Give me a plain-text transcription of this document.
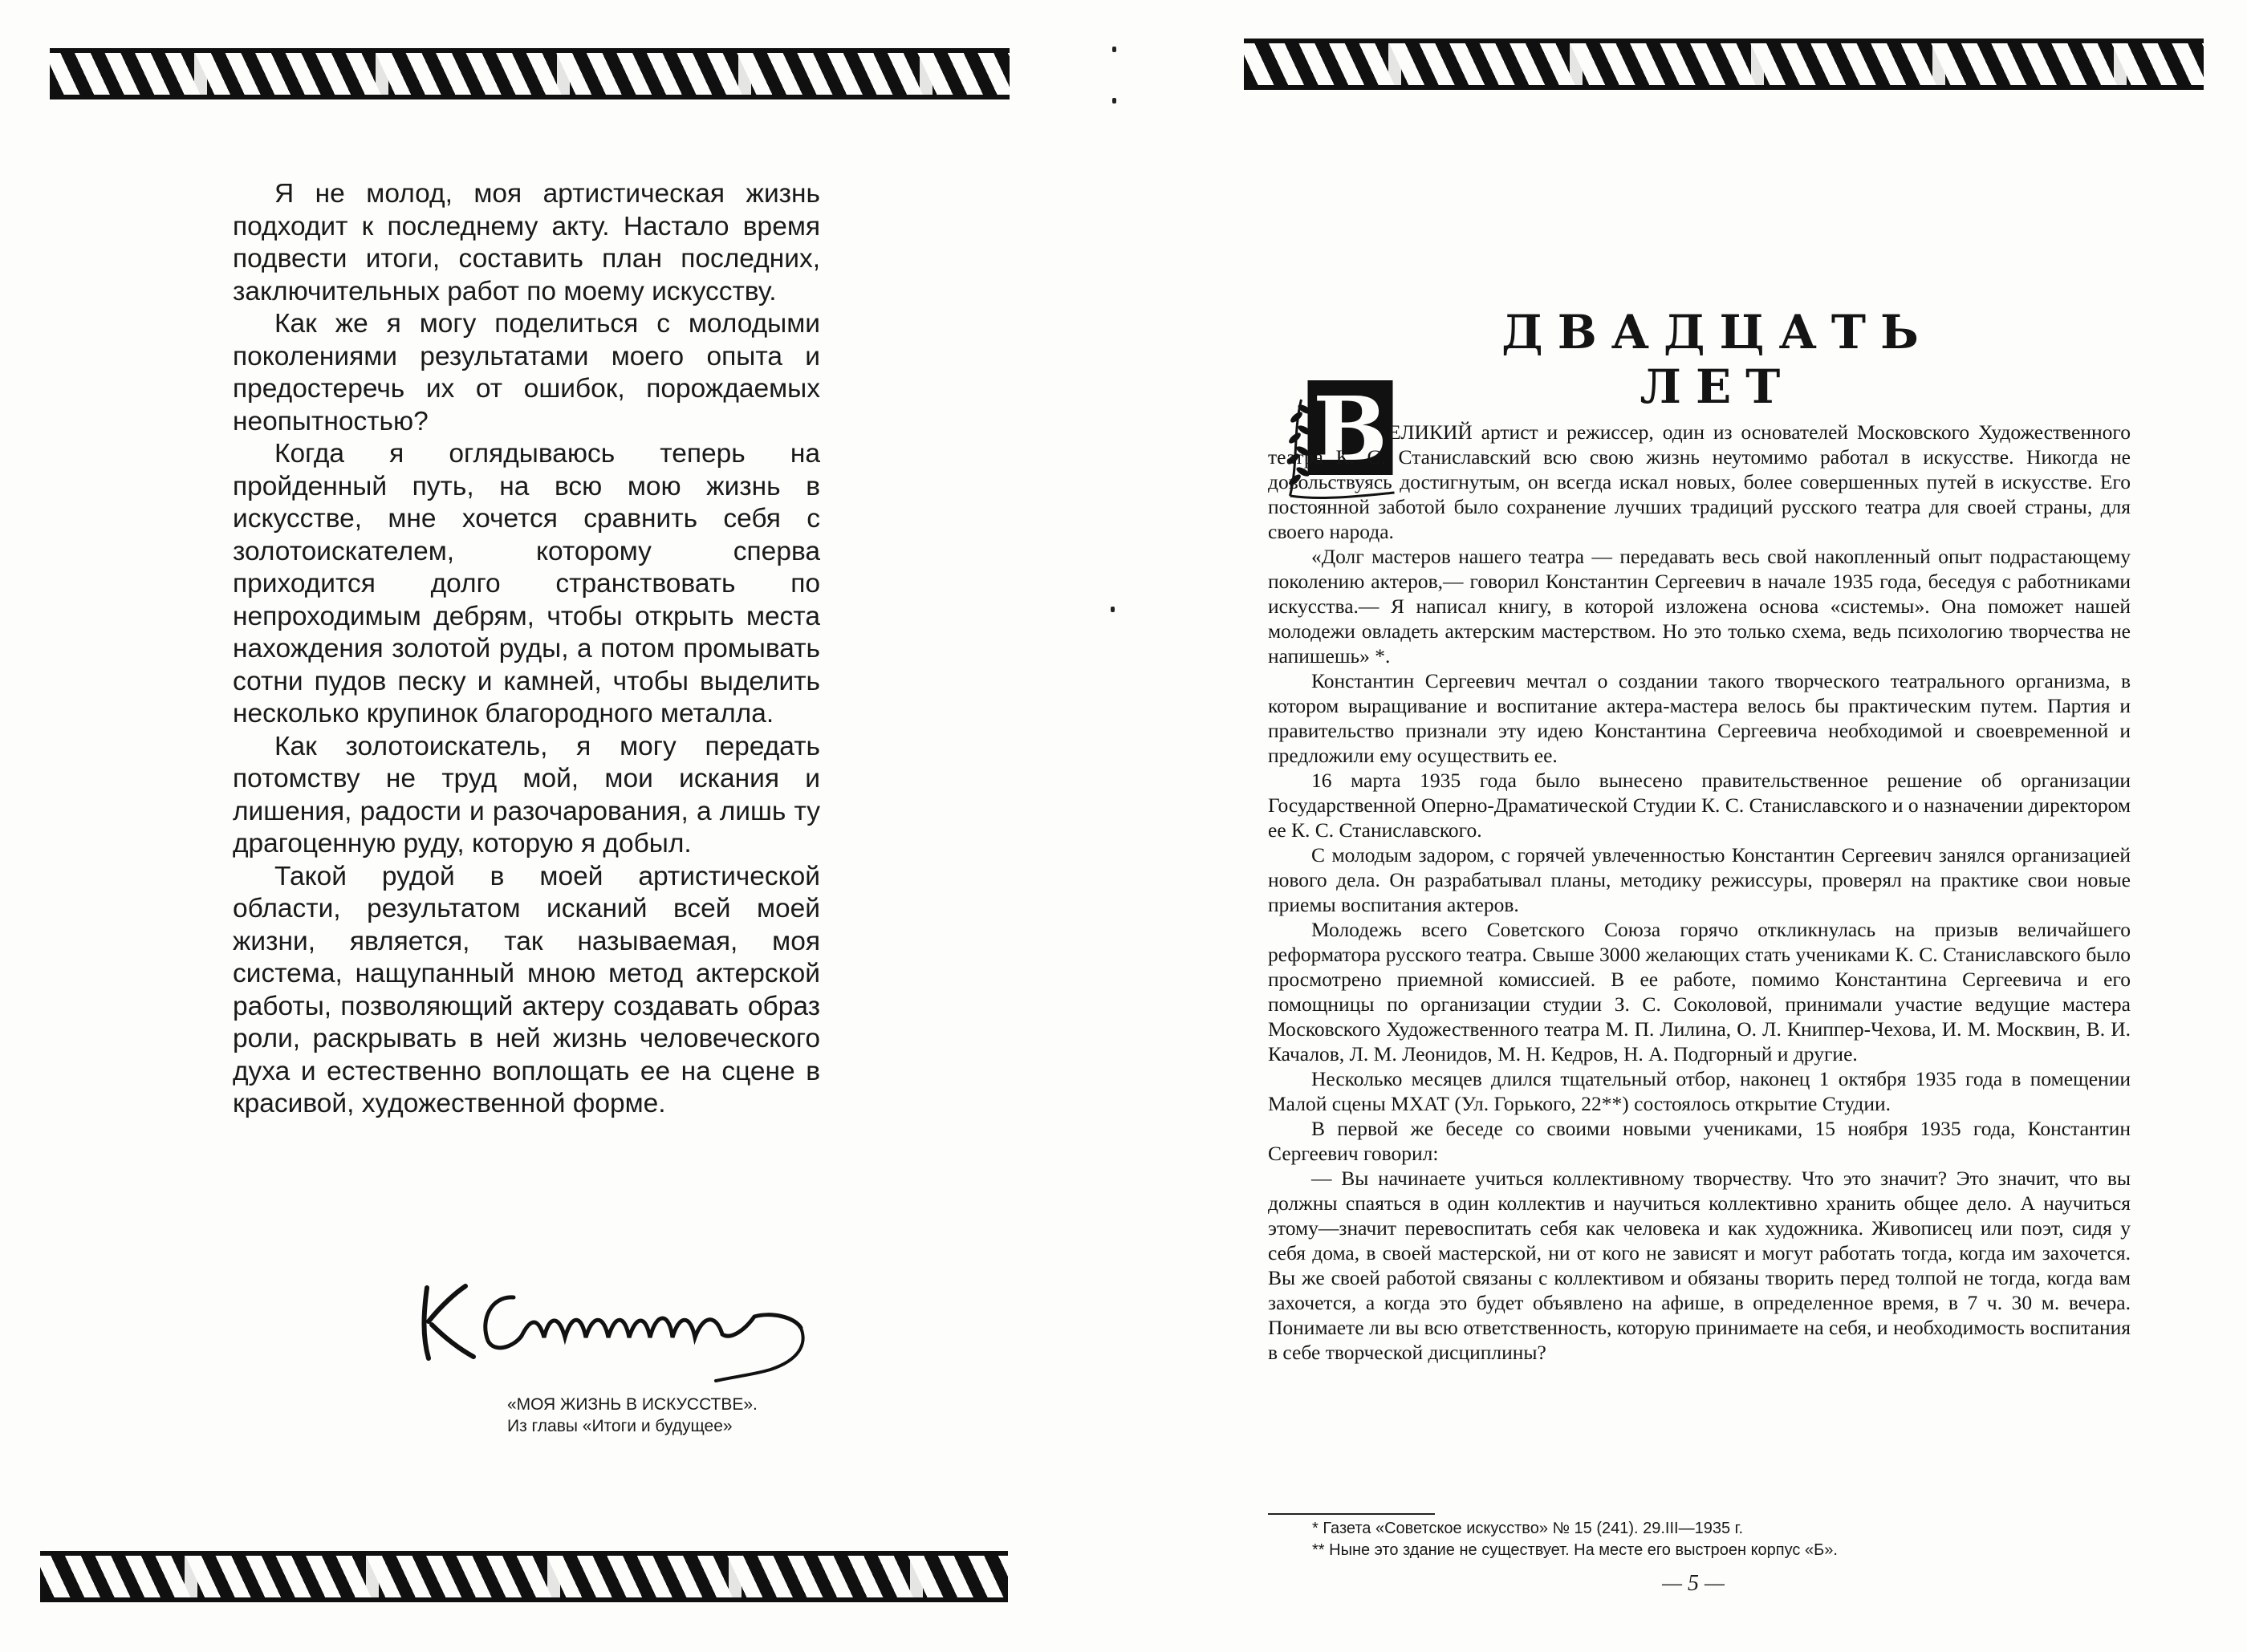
Я не молод, моя артистическая жизнь подходит к последнему акту. Настало время подвести итоги, составить план последних, заключительных работ по моему искусству.

Как же я могу поделиться с молодыми поколениями результатами моего опыта и предостеречь их от ошибок, порождаемых неопытностью?

Когда я оглядываюсь теперь на пройденный путь, на всю мою жизнь в искусстве, мне хочется сравнить себя с золотоискателем, которому сперва приходится долго странствовать по непроходимым дебрям, чтобы открыть места нахождения золотой руды, а потом промывать сотни пудов песку и камней, чтобы выделить несколько крупинок благородного металла.

Как золотоискатель, я могу передать потомству не труд мой, мои искания и лишения, радости и разочарования, а лишь ту драгоценную руду, которую я добыл.

Такой рудой в моей артистической области, результатом исканий всей моей жизни, является, так называемая, моя система, нащупанный мною метод актерской работы, позволяющий актеру создавать образ роли, раскрывать в ней жизнь человеческого духа и естественно воплощать ее на сцене в красивой, художественной форме.

«МОЯ ЖИЗНЬ В ИСКУССТВЕ».
Из главы «Итоги и будущее»
ДВАДЦАТЬ ЛЕТ
В ЕЛИКИЙ артист и режиссер, один из основателей Московского Художественного театра К. С. Станиславский всю свою жизнь неутомимо работал в искусстве. Никогда не довольствуясь достигнутым, он всегда искал новых, более совершенных путей в искусстве. Его постоянной заботой было сохранение лучших традиций русского театра для своей страны, для своего народа.

«Долг мастеров нашего театра — передавать весь свой накопленный опыт подрастающему поколению актеров,— говорил Константин Сергеевич в начале 1935 года, беседуя с работниками искусства.— Я написал книгу, в которой изложена основа «системы». Она поможет нашей молодежи овладеть актерским мастерством. Но это только схема, ведь психологию творчества не напишешь» *.

Константин Сергеевич мечтал о создании такого творческого театрального организма, в котором выращивание и воспитание актера-мастера велось бы практическим путем. Партия и правительство признали эту идею Константина Сергеевича необходимой и своевременной и предложили ему осуществить ее.

16 марта 1935 года было вынесено правительственное решение об организации Государственной Оперно-Драматической Студии К. С. Станиславского и о назначении директором ее К. С. Станиславского.

С молодым задором, с горячей увлеченностью Константин Сергеевич занялся организацией нового дела. Он разрабатывал планы, методику режиссуры, проверял на практике свои новые приемы воспитания актеров.

Молодежь всего Советского Союза горячо откликнулась на призыв величайшего реформатора русского театра. Свыше 3000 желающих стать учениками К. С. Станиславского было просмотрено приемной комиссией. В ее работе, помимо Константина Сергеевича и его помощницы по организации студии З. С. Соколовой, принимали участие ведущие мастера Московского Художественного театра М. П. Лилина, О. Л. Книппер-Чехова, И. М. Москвин, В. И. Качалов, Л. М. Леонидов, М. Н. Кедров, Н. А. Подгорный и другие.

Несколько месяцев длился тщательный отбор, наконец 1 октября 1935 года в помещении Малой сцены МХАТ (Ул. Горького, 22**) состоялось открытие Студии.

В первой же беседе со своими новыми учениками, 15 ноября 1935 года, Константин Сергеевич говорил:

— Вы начинаете учиться коллективному творчеству. Что это значит? Это значит, что вы должны спаяться в один коллектив и научиться коллективно хранить общее дело. А научиться этому—значит перевоспитать себя как человека и как художника. Живописец или поэт, сидя у себя дома, в своей мастерской, ни от кого не зависят и могут работать тогда, когда им захочется. Вы же своей работой связаны с коллективом и обязаны творить перед толпой не тогда, когда вам захочется, а когда это будет объявлено на афише, в определенное время, в 7 ч. 30 м. вечера. Понимаете ли вы всю ответственность, которую принимаете на себя, и необходимость воспитания в себе творческой дисциплины?

* Газета «Советское искусство» № 15 (241). 29.III—1935 г.
** Ныне это здание не существует. На месте его выстроен корпус «Б».
— 5 —
